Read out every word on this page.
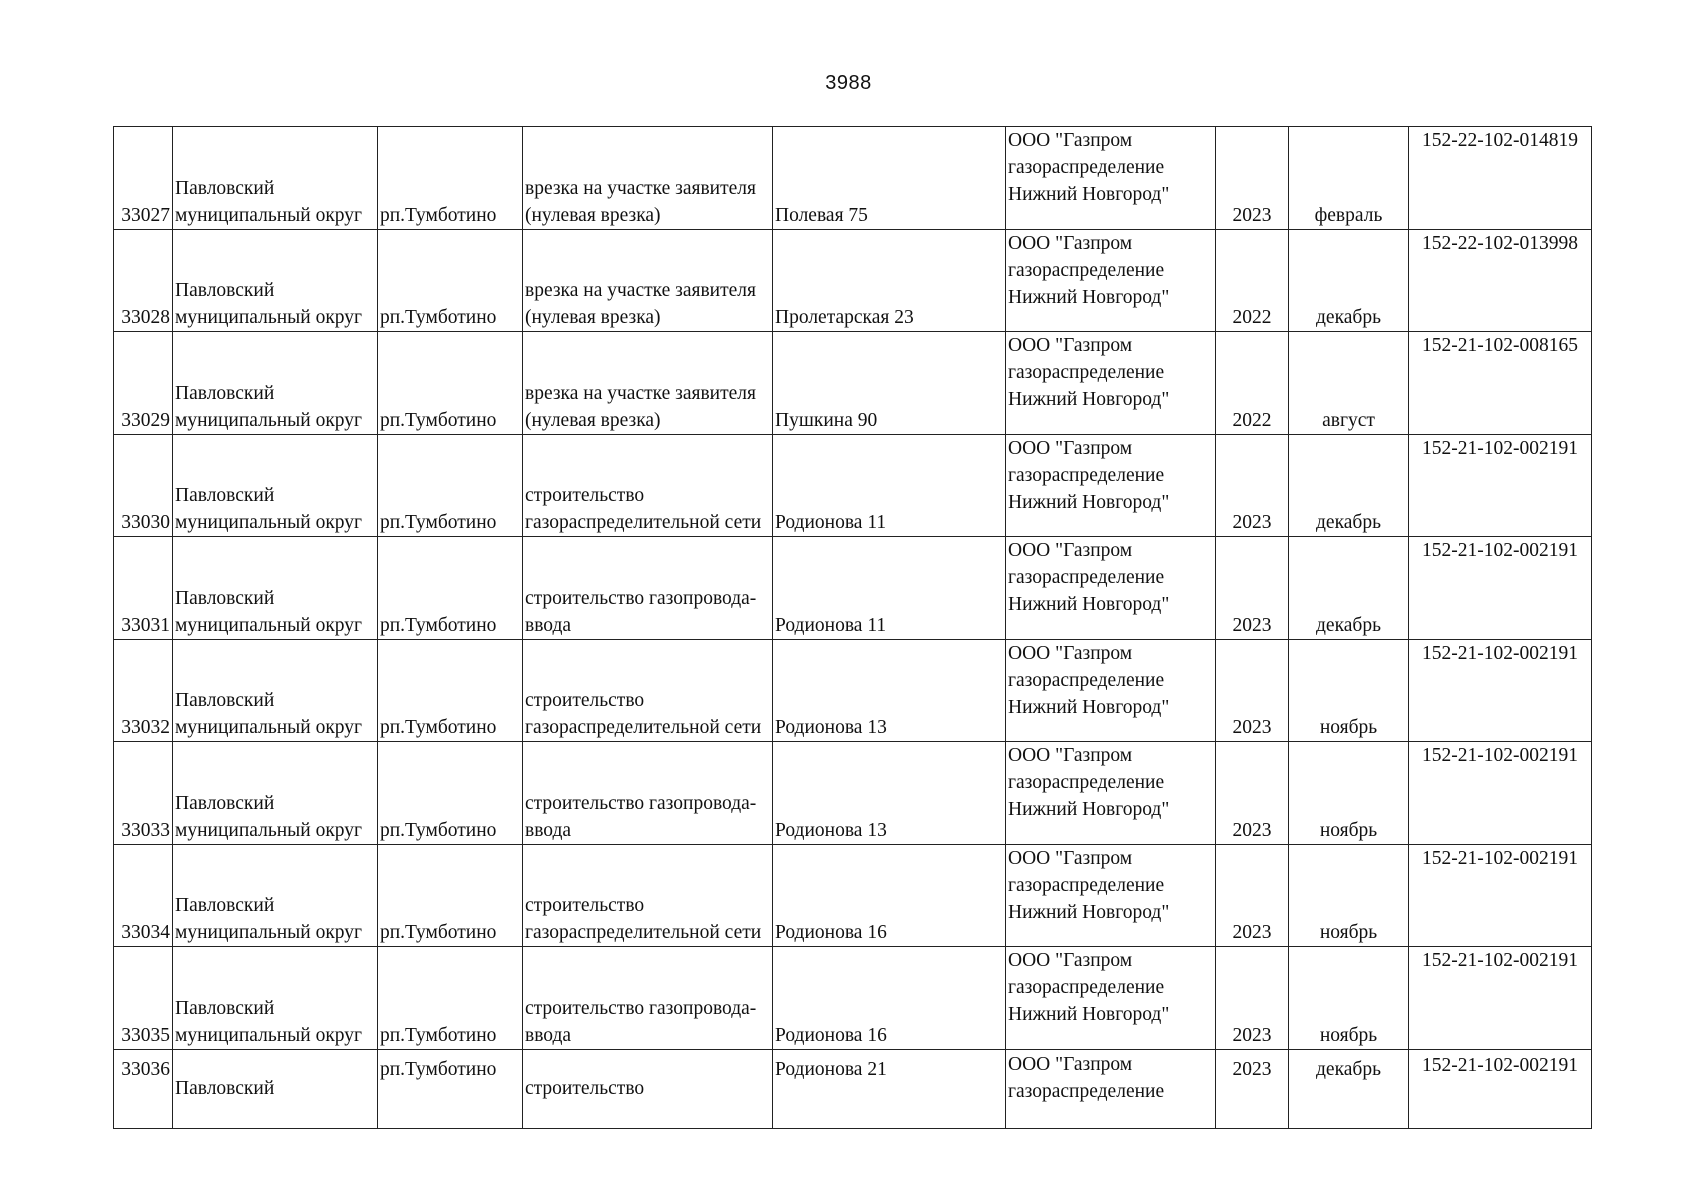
3988
33027	Павловский
муниципальный округ	рп.Тумботино	врезка на участке заявителя
(нулевая врезка)	Полевая 75	ООО "Газпром
газораспределение
Нижний Новгород"	2023	февраль	152-22-102-014819
33028	Павловский
муниципальный округ	рп.Тумботино	врезка на участке заявителя
(нулевая врезка)	Пролетарская 23	ООО "Газпром
газораспределение
Нижний Новгород"	2022	декабрь	152-22-102-013998
33029	Павловский
муниципальный округ	рп.Тумботино	врезка на участке заявителя
(нулевая врезка)	Пушкина 90	ООО "Газпром
газораспределение
Нижний Новгород"	2022	август	152-21-102-008165
33030	Павловский
муниципальный округ	рп.Тумботино	строительство
газораспределительной сети	Родионова 11	ООО "Газпром
газораспределение
Нижний Новгород"	2023	декабрь	152-21-102-002191
33031	Павловский
муниципальный округ	рп.Тумботино	строительство газопровода-
ввода	Родионова 11	ООО "Газпром
газораспределение
Нижний Новгород"	2023	декабрь	152-21-102-002191
33032	Павловский
муниципальный округ	рп.Тумботино	строительство
газораспределительной сети	Родионова 13	ООО "Газпром
газораспределение
Нижний Новгород"	2023	ноябрь	152-21-102-002191
33033	Павловский
муниципальный округ	рп.Тумботино	строительство газопровода-
ввода	Родионова 13	ООО "Газпром
газораспределение
Нижний Новгород"	2023	ноябрь	152-21-102-002191
33034	Павловский
муниципальный округ	рп.Тумботино	строительство
газораспределительной сети	Родионова 16	ООО "Газпром
газораспределение
Нижний Новгород"	2023	ноябрь	152-21-102-002191
33035	Павловский
муниципальный округ	рп.Тумботино	строительство газопровода-
ввода	Родионова 16	ООО "Газпром
газораспределение
Нижний Новгород"	2023	ноябрь	152-21-102-002191
33036	Павловский	рп.Тумботино	строительство	Родионова 21	ООО "Газпром
газораспределение	2023	декабрь	152-21-102-002191
